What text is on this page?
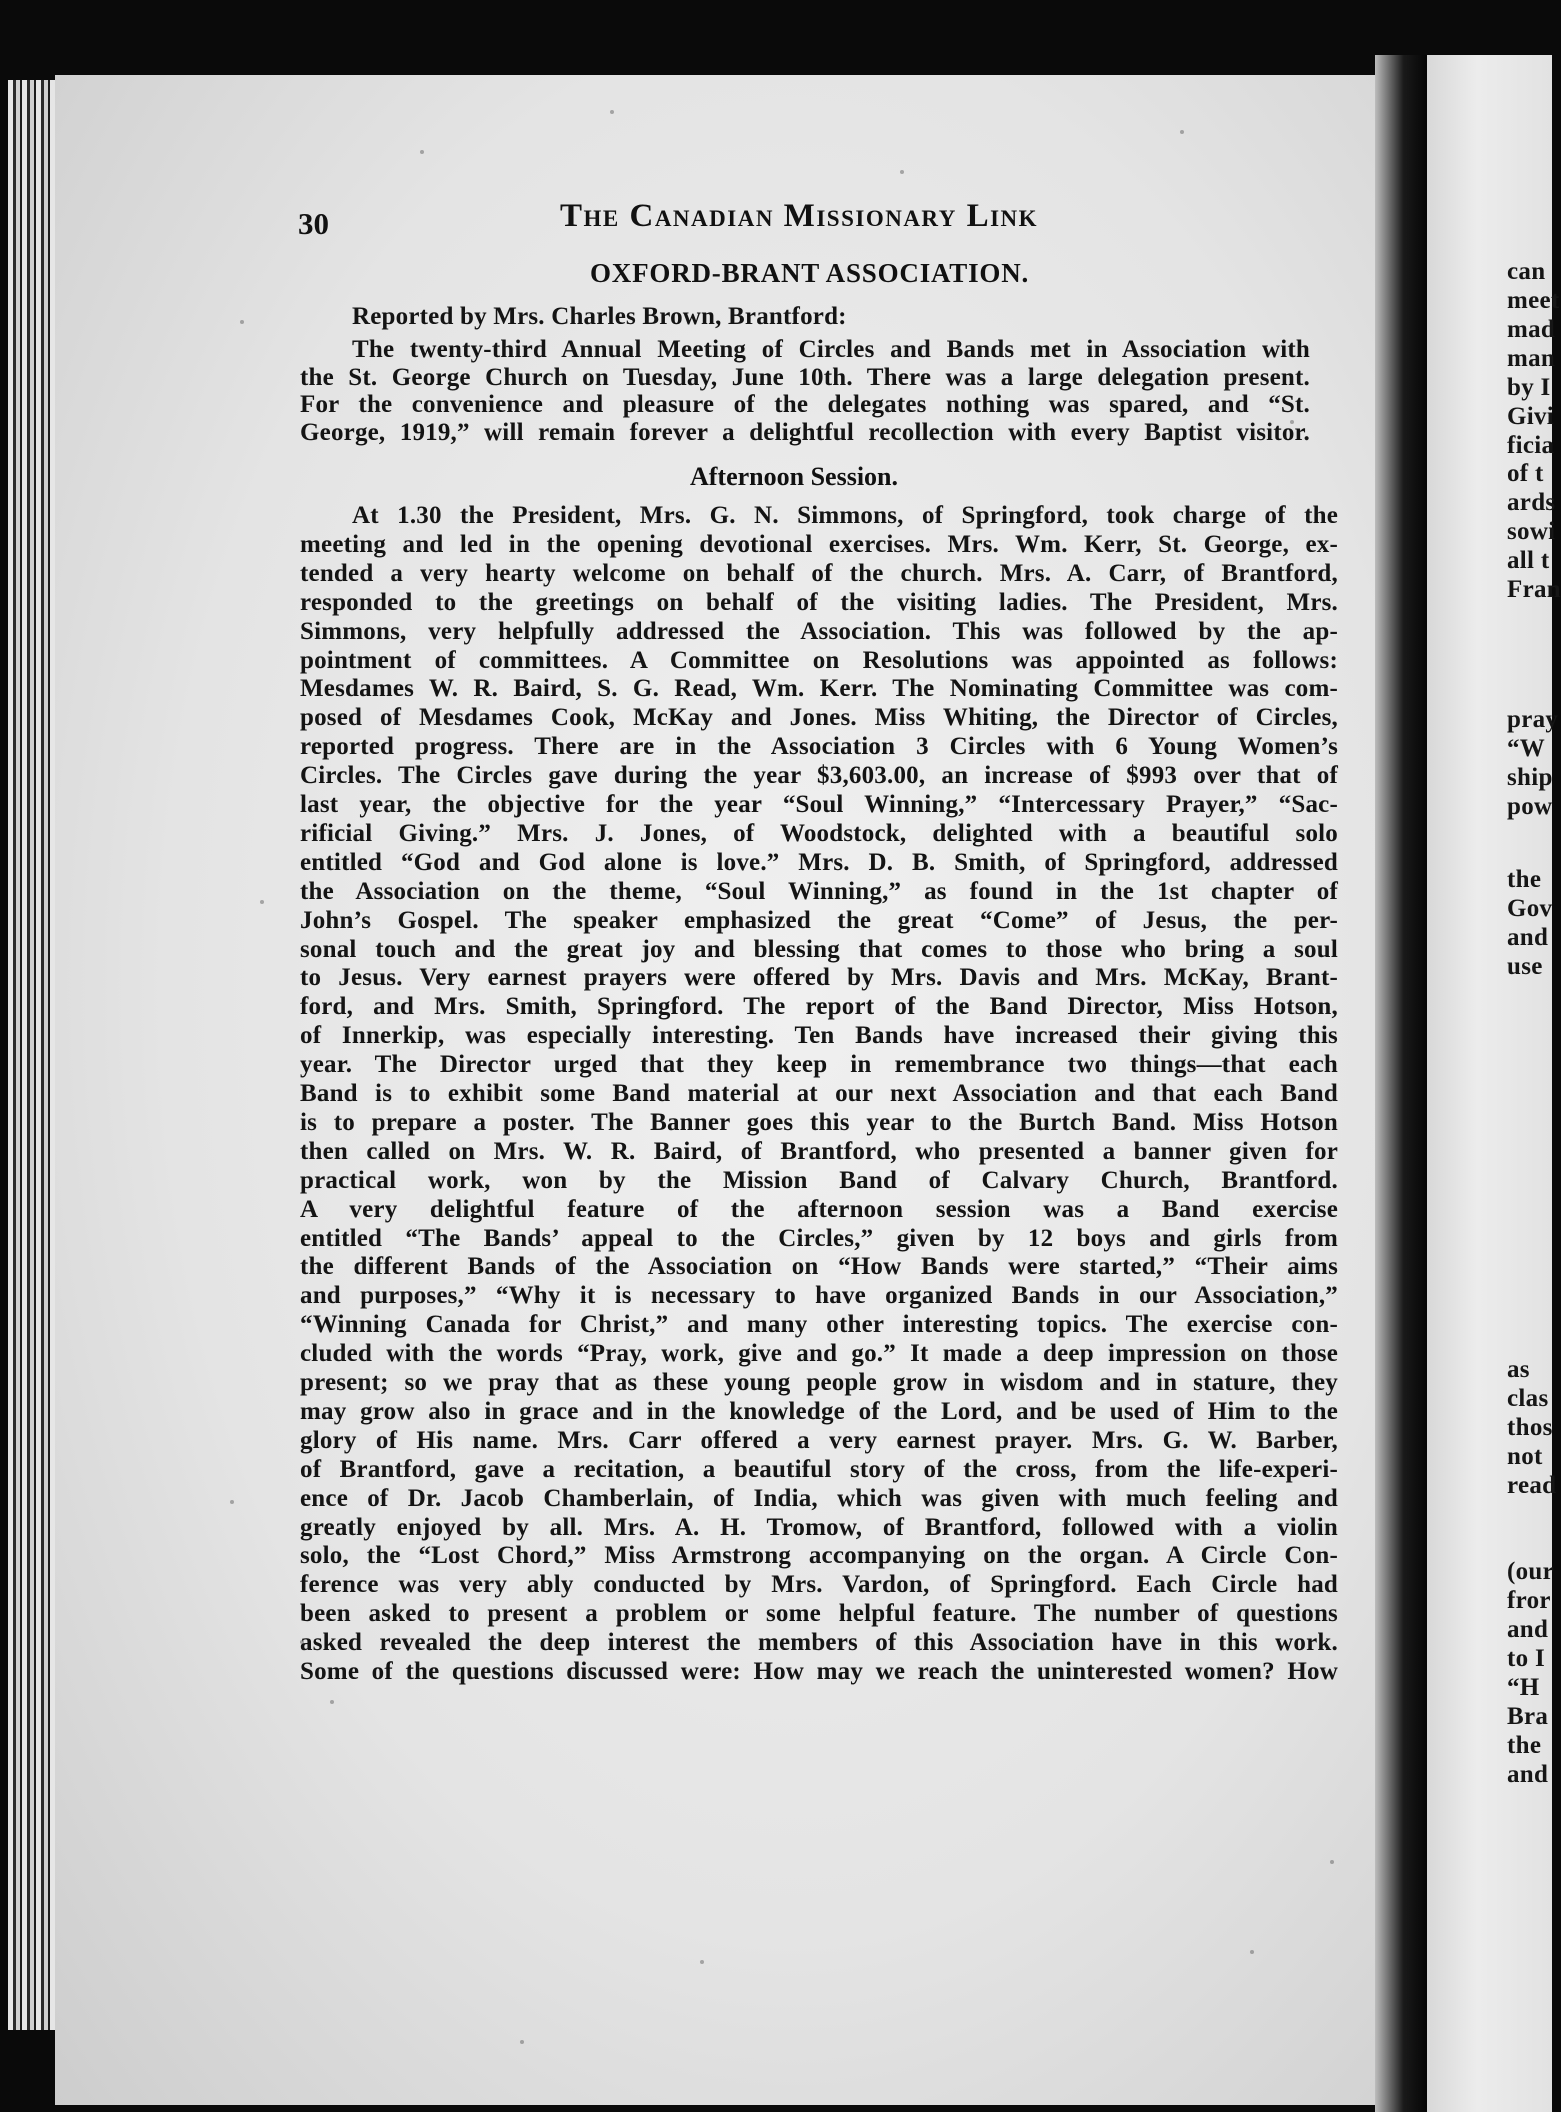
can
meet
mad
man
by I
Givi
ficia
of t
ards
sowi
all t
Fran
pray
“W
ship
pow
the
Gov
and
use
as
clas
thos
not
read
(our
fror
and
to I
“H
Bra
the
and
30	The Canadian Missionary Link
OXFORD-BRANT ASSOCIATION.
Reported by Mrs. Charles Brown, Brantford:
Afternoon Session.
The twenty-third Annual Meeting of Circles and Bands met in Association with
the St. George Church on Tuesday, June 10th. There was a large delegation present.
For the convenience and pleasure of the delegates nothing was spared, and “St.
George, 1919,” will remain forever a delightful recollection with every Baptist visitor.
At 1.30 the President, Mrs. G. N. Simmons, of Springford, took charge of the
meeting and led in the opening devotional exercises. Mrs. Wm. Kerr, St. George, ex-
tended a very hearty welcome on behalf of the church. Mrs. A. Carr, of Brantford,
responded to the greetings on behalf of the visiting ladies. The President, Mrs.
Simmons, very helpfully addressed the Association. This was followed by the ap-
pointment of committees. A Committee on Resolutions was appointed as follows:
Mesdames W. R. Baird, S. G. Read, Wm. Kerr. The Nominating Committee was com-
posed of Mesdames Cook, McKay and Jones. Miss Whiting, the Director of Circles,
reported progress. There are in the Association 3 Circles with 6 Young Women’s
Circles. The Circles gave during the year $3,603.00, an increase of $993 over that of
last year, the objective for the year “Soul Winning,” “Intercessary Prayer,” “Sac-
rificial Giving.” Mrs. J. Jones, of Woodstock, delighted with a beautiful solo
entitled “God and God alone is love.” Mrs. D. B. Smith, of Springford, addressed
the Association on the theme, “Soul Winning,” as found in the 1st chapter of
John’s Gospel. The speaker emphasized the great “Come” of Jesus, the per-
sonal touch and the great joy and blessing that comes to those who bring a soul
to Jesus. Very earnest prayers were offered by Mrs. Davis and Mrs. McKay, Brant-
ford, and Mrs. Smith, Springford. The report of the Band Director, Miss Hotson,
of Innerkip, was especially interesting. Ten Bands have increased their giving this
year. The Director urged that they keep in remembrance two things—that each
Band is to exhibit some Band material at our next Association and that each Band
is to prepare a poster. The Banner goes this year to the Burtch Band. Miss Hotson
then called on Mrs. W. R. Baird, of Brantford, who presented a banner given for
practical work, won by the Mission Band of Calvary Church, Brantford.
A very delightful feature of the afternoon session was a Band exercise
entitled “The Bands’ appeal to the Circles,” given by 12 boys and girls from
the different Bands of the Association on “How Bands were started,” “Their aims
and purposes,” “Why it is necessary to have organized Bands in our Association,”
“Winning Canada for Christ,” and many other interesting topics. The exercise con-
cluded with the words “Pray, work, give and go.” It made a deep impression on those
present; so we pray that as these young people grow in wisdom and in stature, they
may grow also in grace and in the knowledge of the Lord, and be used of Him to the
glory of His name. Mrs. Carr offered a very earnest prayer. Mrs. G. W. Barber,
of Brantford, gave a recitation, a beautiful story of the cross, from the life-experi-
ence of Dr. Jacob Chamberlain, of India, which was given with much feeling and
greatly enjoyed by all. Mrs. A. H. Tromow, of Brantford, followed with a violin
solo, the “Lost Chord,” Miss Armstrong accompanying on the organ. A Circle Con-
ference was very ably conducted by Mrs. Vardon, of Springford. Each Circle had
been asked to present a problem or some helpful feature. The number of questions
asked revealed the deep interest the members of this Association have in this work.
Some of the questions discussed were: How may we reach the uninterested women? How
